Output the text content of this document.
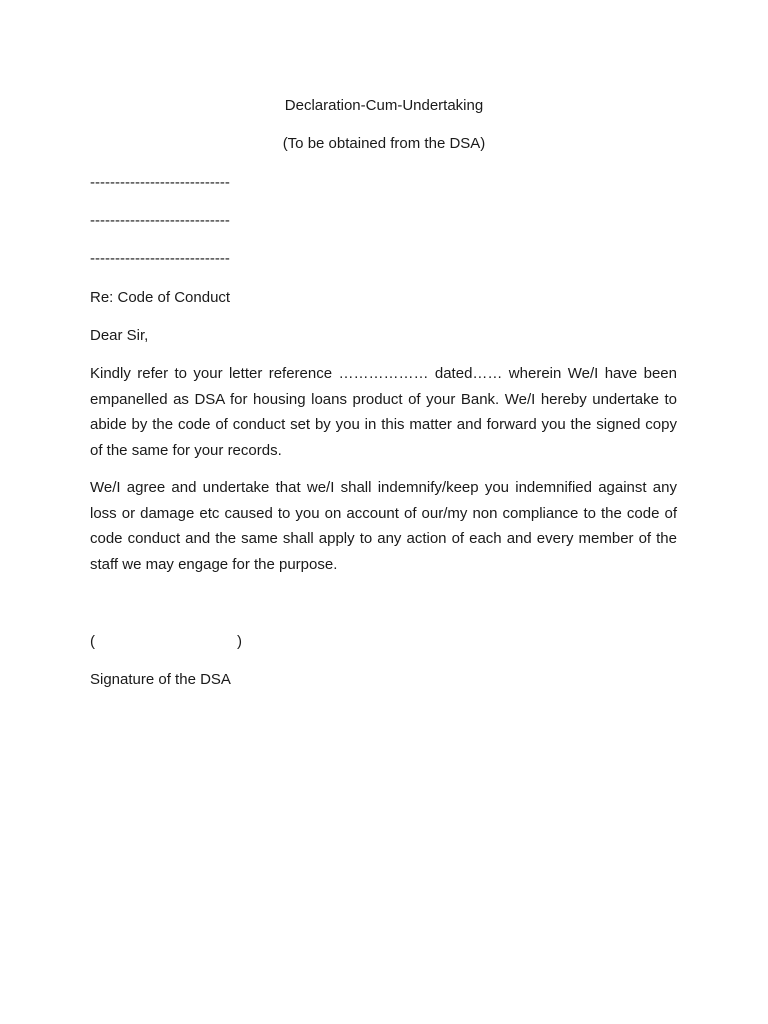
Declaration-Cum-Undertaking
(To be obtained from the DSA)
----------------------------
----------------------------
----------------------------
Re: Code of Conduct
Dear Sir,
Kindly refer to your letter reference ……………… dated…… wherein We/I have been empanelled as DSA for housing loans product of your Bank. We/I hereby undertake to abide by the code of conduct set by you in this matter and forward you the signed copy of the same for your records.
We/I agree and undertake that we/I shall indemnify/keep you indemnified against any loss or damage etc caused to you on account of our/my non compliance to the code of code conduct and the same shall apply to any action of each and every member of the staff we may engage for the purpose.
(	)
Signature of the DSA
